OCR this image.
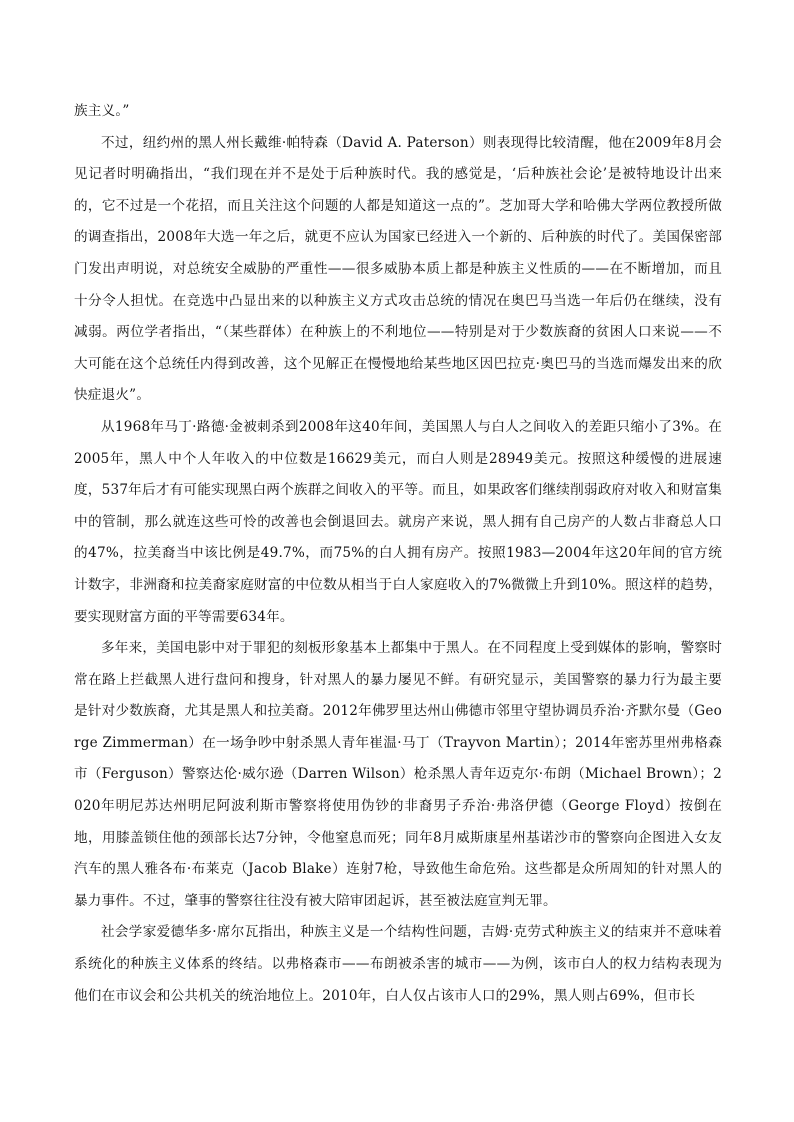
族主义。”

不过，纽约州的黑人州长戴维·帕特森（David A. Paterson）则表现得比较清醒，他在2009年8月会见记者时明确指出，“我们现在并不是处于后种族时代。我的感觉是，‘后种族社会论’是被特地设计出来的，它不过是一个花招，而且关注这个问题的人都是知道这一点的”。芝加哥大学和哈佛大学两位教授所做的调查指出，2008年大选一年之后，就更不应认为国家已经进入一个新的、后种族的时代了。美国保密部门发出声明说，对总统安全威胁的严重性——很多威胁本质上都是种族主义性质的——在不断增加，而且十分令人担忧。在竞选中凸显出来的以种族主义方式攻击总统的情况在奥巴马当选一年后仍在继续，没有减弱。两位学者指出，“（某些群体）在种族上的不利地位——特别是对于少数族裔的贫困人口来说——不大可能在这个总统任内得到改善，这个见解正在慢慢地给某些地区因巴拉克·奥巴马的当选而爆发出来的欣快症退火”。

从1968年马丁·路德·金被刺杀到2008年这40年间，美国黑人与白人之间收入的差距只缩小了3%。在2005年，黑人中个人年收入的中位数是16629美元，而白人则是28949美元。按照这种缓慢的进展速度，537年后才有可能实现黑白两个族群之间收入的平等。而且，如果政客们继续削弱政府对收入和财富集中的管制，那么就连这些可怜的改善也会倒退回去。就房产来说，黑人拥有自己房产的人数占非裔总人口的47%，拉美裔当中该比例是49.7%，而75%的白人拥有房产。按照1983—2004年这20年间的官方统计数字，非洲裔和拉美裔家庭财富的中位数从相当于白人家庭收入的7%微微上升到10%。照这样的趋势，要实现财富方面的平等需要634年。

多年来，美国电影中对于罪犯的刻板形象基本上都集中于黑人。在不同程度上受到媒体的影响，警察时常在路上拦截黑人进行盘问和搜身，针对黑人的暴力屡见不鲜。有研究显示，美国警察的暴力行为最主要是针对少数族裔，尤其是黑人和拉美裔。2012年佛罗里达州山佛德市邻里守望协调员乔治·齐默尔曼（George Zimmerman）在一场争吵中射杀黑人青年崔温·马丁（Trayvon Martin）；2014年密苏里州弗格森市（Ferguson）警察达伦·威尔逊（Darren Wilson）枪杀黑人青年迈克尔·布朗（Michael Brown）；2020年明尼苏达州明尼阿波利斯市警察将使用伪钞的非裔男子乔治·弗洛伊德（George Floyd）按倒在地，用膝盖锁住他的颈部长达7分钟，令他窒息而死；同年8月威斯康星州基诺沙市的警察向企图进入女友汽车的黑人雅各布·布莱克（Jacob Blake）连射7枪，导致他生命危殆。这些都是众所周知的针对黑人的暴力事件。不过，肇事的警察往往没有被大陪审团起诉，甚至被法庭宣判无罪。

社会学家爱德华多·席尔瓦指出，种族主义是一个结构性问题，吉姆·克劳式种族主义的结束并不意味着系统化的种族主义体系的终结。以弗格森市——布朗被杀害的城市——为例，该市白人的权力结构表现为他们在市议会和公共机关的统治地位上。2010年，白人仅占该市人口的29%，黑人则占69%，但市长
